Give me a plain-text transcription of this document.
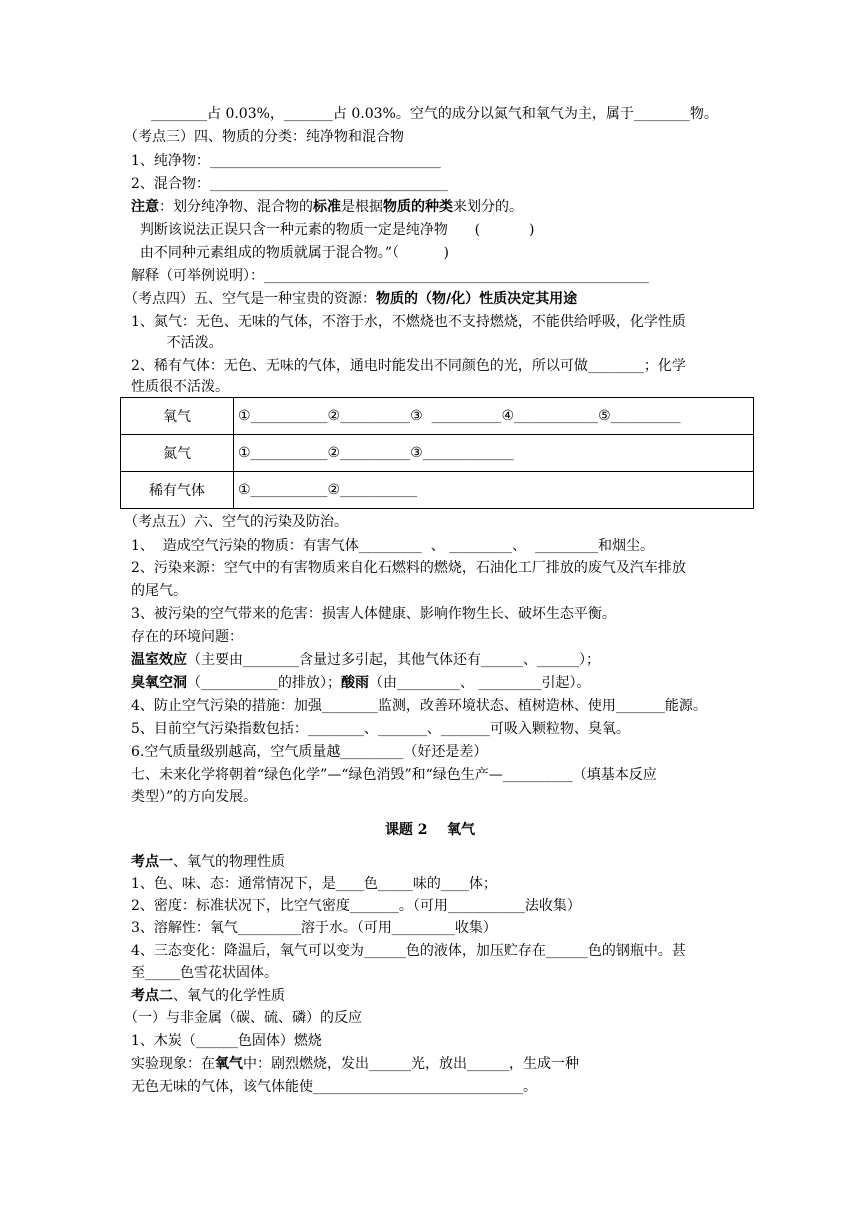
________占 0.03%，_______占 0.03%。空气的成分以氮气和氧气为主，属于________物。
（考点三）四、物质的分类：纯净物和混合物
1、纯净物：_________________________________
2、混合物：__________________________________
注意：划分纯净物、混合物的标准是根据物质的种类来划分的。
判断该说法正误只含一种元素的物质一定是纯净物      (           )
由不同种元素组成的物质就属于混合物。”（          )
解释（可举例说明）：_______________________________________________________
（考点四）五、空气是一种宝贵的资源：物质的（物/化）性质决定其用途
1、氮气：无色、无味的气体，不溶于水，不燃烧也不支持燃烧，不能供给呼吸，化学性质
不活泼。
2、稀有气体：无色、无味的气体，通电时能发出不同颜色的光，所以可做________；化学
性质很不活泼。
氧气	①___________②__________③  __________④____________⑤__________
氮气	①___________②__________③_____________
稀有气体	①___________②___________
（考点五）六、空气的污染及防治。
1、  造成空气污染的物质：有害气体_________  、 _________、  _________和烟尘。
2、污染来源：空气中的有害物质来自化石燃料的燃烧，石油化工厂排放的废气及汽车排放
的尾气。
3、被污染的空气带来的危害：损害人体健康、影响作物生长、破坏生态平衡。
存在的环境问题：
温室效应（主要由________含量过多引起，其他气体还有______、______）；
臭氧空洞（___________的排放）；酸雨（由_________、 _________引起）。
4、防止空气污染的措施：加强________监测，改善环境状态、植树造林、使用_______能源。
5、目前空气污染指数包括：________、_______、_______可吸入颗粒物、臭氧。
6.空气质量级别越高，空气质量越_________（好还是差）
七、未来化学将朝着“绿色化学”—“绿色消毁”和“绿色生产—__________（填基本反应
类型）”的方向发展。
课题 2    氧气
考点一、氧气的物理性质
1、色、味、态：通常情况下，是____色_____味的____体；
2、密度：标准状况下，比空气密度_______。（可用___________法收集）
3、溶解性：氧气_________溶于水。（可用_________收集）
4、三态变化：降温后，氧气可以变为______色的液体，加压贮存在______色的钢瓶中。甚
至_____色雪花状固体。
考点二、氧气的化学性质
（一）与非金属（碳、硫、磷）的反应
1、木炭（______色固体）燃烧
实验现象：在氧气中：剧烈燃烧，发出______光，放出______，生成一种
无色无味的气体，该气体能使______________________________。
